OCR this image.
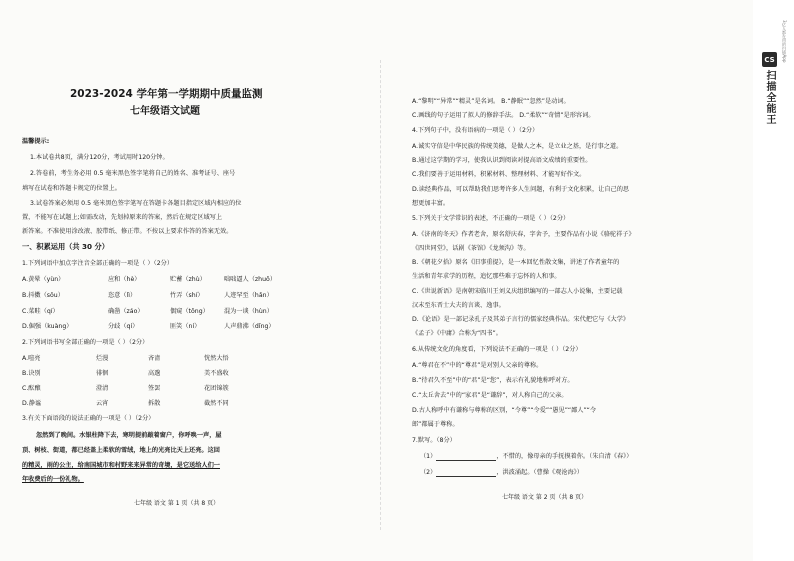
2023-2024 学年第一学期期中质量监测
七年级语文试题
温馨提示:
1.本试卷共8页，满分120分，考试用时120分钟。
2.答卷前，考生务必用 0.5 毫米黑色签字笔将自己的姓名、准考证号、座号
填写在试卷和答题卡规定的位置上。
3.试卷答案必须用 0.5 毫米黑色签字笔写在答题卡各题目指定区域内相应的位
置，不能写在试题上;如需改动，先划掉原来的答案，然后在规定区域写上
新答案。不准使用涂改液、胶带纸、修正带。不按以上要求作答的答案无效。
一、积累运用（共 30 分）
1.下列词语中加点字注音全部正确的一项是（ ）（2分）
A.黄晕（yùn）	应和（hè）	贮蓄（zhù）	咄咄逼人（zhuō）
B.抖擞（sǒu）	恣意（lì）	竹弄（shí）	人迹罕至（hǎn）
C.菜畦（qí）	确凿（záo）	偶窥（tōng） 混为一谈（hùn）
D.倔强（kuàng）	分歧（qí）	匪笑（ní）	人声鼎沸（dǐng）
2.下列词语书写全部正确的一项是（ ）（2分）
A.喧亮	烂漫	吝啬	恍然大悟
B.诀别	徘徊	高邈	美不盛收
C.酝酿	澄清	签罢	花团锦簇
D.静谧	云宵	拆散	截然不同
3.有关下面语段的说法正确的一项是（ ）（2分）
忽然到了晚间。水银柱降下去，寒明提前敲着窗户，你呼唤一声，屋
顶、树枝、街道，都已经盖上柔软的雪绒，地上的光亮比天上还亮。这回
的精灵，雨的公主，给南国城市和村野来来异常的奇境，是它送给人们一
年收费后的一份礼物。
七年级 语文 第 1 页（共 8 页）
A.“黎明”“异常”“精灵”是名词。 B.“静眠”“忽然”是动词。
C.画线的句子运用了拟人的修辞手法。 D.“柔软”“奇情”是形容词。
4.下列句子中，没有语病的一项是（ ）（2分）
A.诚实守信是中华民族的传统美德，是做人之本，是立业之基，是行事之道。
B.通过这学期的学习，使我认识到阅读对提高语文成绩的重要性。
C.我们要善于运用材料，积累材料、整理材料、才能写好作文。
D.读经典作品，可以帮助我们思考许多人生问题，有利于文化积累，让自己的思
想更加丰富。
5.下列关于文学常识的表述，不正确的一项是（ ）（2分）
A.《济南的冬天》作者老舍，原名舒庆春，字舍予，主要作品有小说《骆驼祥子》
《四世同堂》，话剧《茶馆》《龙须沟》等。
B.《朝花夕拾》原名《旧事重提》，是一本回忆性散文集，讲述了作者童年的
生活和青年求学的历程，追忆那些难于忘怀的人和事。
C.《世说新语》是南朝宋临川王刘义庆组织编写的一部志人小说集，主要记载
汉末至东晋士大夫的言谈、逸事。
D.《论语》是一部记录孔子及其弟子言行的儒家经典作品。宋代把它与《大学》
《孟子》《中庸》合称为“四书”。
6.从传统文化的角度看，下列说法不正确的一项是（ ）（2分）
A.“尊君在不”中的“尊君”是对别人父亲的尊称。
B.“待君久不至”中的“君”是“您”，表示有礼貌地称呼对方。
C.“太丘舍去”中的“家君”是“谦辞”，对人称自己的父亲。
D.古人称呼中有谦称与尊称的区别，“令尊”“令爱”“愚见”“鄙人”“令
郎”都属于尊称。
7.默写。（8分）
（1）	，不惜的，像母亲的手抚摸着你。（朱自清《春》）
（2）	，洪波涌起。（曹操《观沧海》）
七年级 语文 第 2 页（共 8 页）
CS
扫描全能王
3亿人都在用的扫描App
